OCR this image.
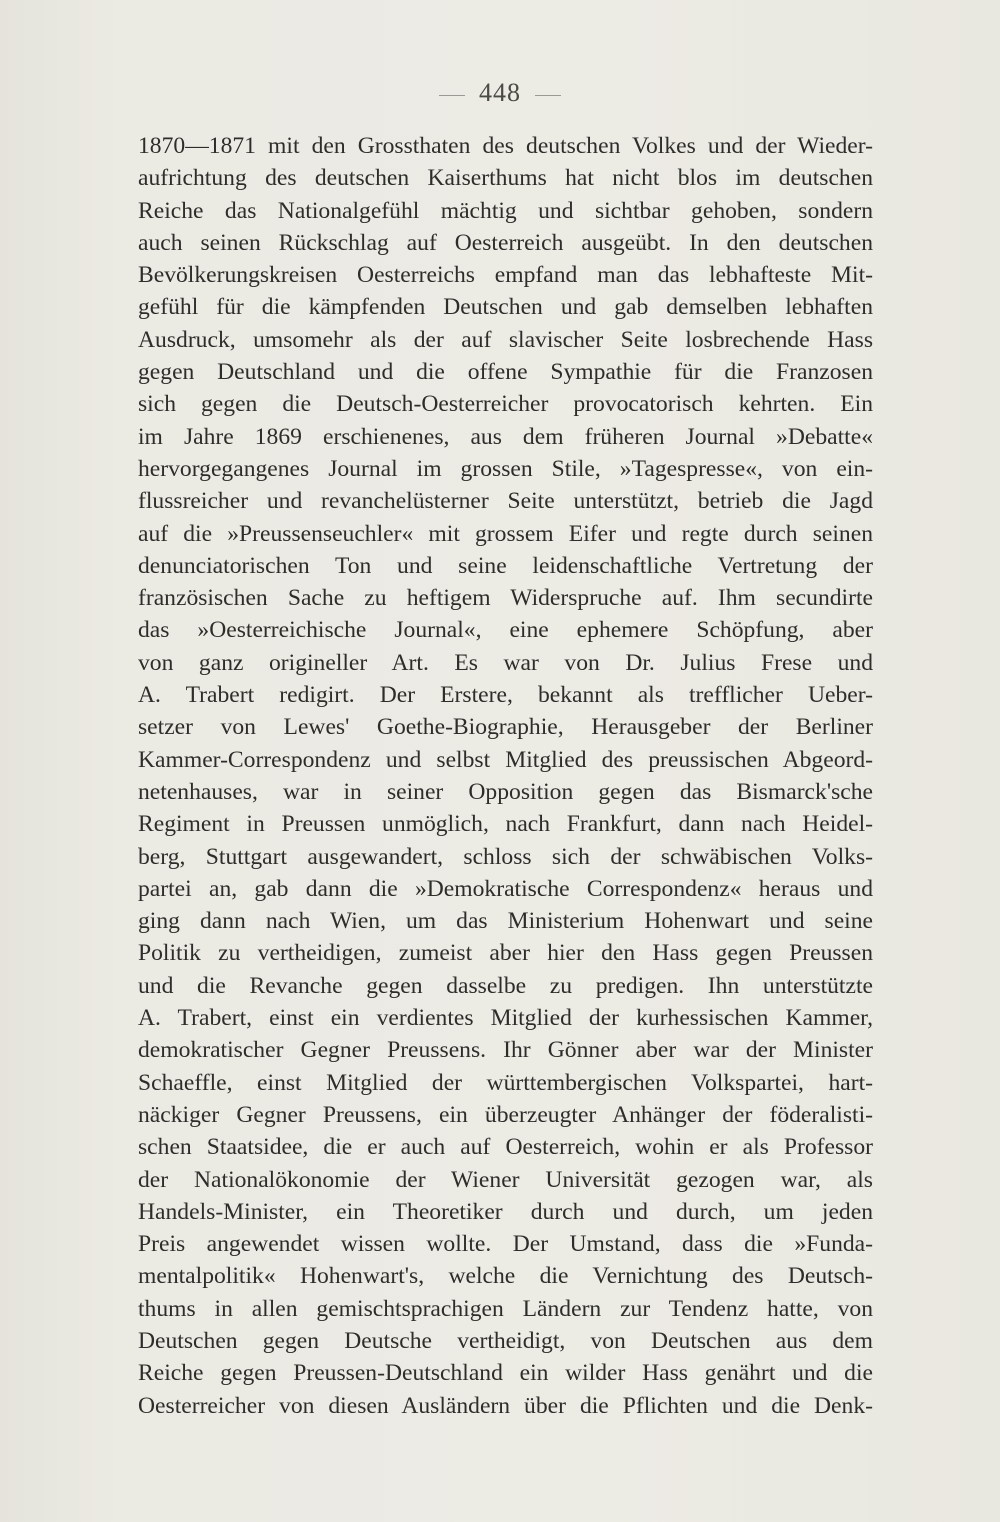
448
1870—1871 mit den Grossthaten des deutschen Volkes und der Wieder-
aufrichtung des deutschen Kaiserthums hat nicht blos im deutschen
Reiche das Nationalgefühl mächtig und sichtbar gehoben, sondern
auch seinen Rückschlag auf Oesterreich ausgeübt. In den deutschen
Bevölkerungskreisen Oesterreichs empfand man das lebhafteste Mit-
gefühl für die kämpfenden Deutschen und gab demselben lebhaften
Ausdruck, umsomehr als der auf slavischer Seite losbrechende Hass
gegen Deutschland und die offene Sympathie für die Franzosen
sich gegen die Deutsch-Oesterreicher provocatorisch kehrten. Ein
im Jahre 1869 erschienenes, aus dem früheren Journal »Debatte«
hervorgegangenes Journal im grossen Stile, »Tagespresse«, von ein-
flussreicher und revanchelüsterner Seite unterstützt, betrieb die Jagd
auf die »Preussenseuchler« mit grossem Eifer und regte durch seinen
denunciatorischen Ton und seine leidenschaftliche Vertretung der
französischen Sache zu heftigem Widerspruche auf. Ihm secundirte
das »Oesterreichische Journal«, eine ephemere Schöpfung, aber
von ganz origineller Art. Es war von Dr. Julius Frese und
A. Trabert redigirt. Der Erstere, bekannt als trefflicher Ueber-
setzer von Lewes' Goethe-Biographie, Herausgeber der Berliner
Kammer-Correspondenz und selbst Mitglied des preussischen Abgeord-
netenhauses, war in seiner Opposition gegen das Bismarck'sche
Regiment in Preussen unmöglich, nach Frankfurt, dann nach Heidel-
berg, Stuttgart ausgewandert, schloss sich der schwäbischen Volks-
partei an, gab dann die »Demokratische Correspondenz« heraus und
ging dann nach Wien, um das Ministerium Hohenwart und seine
Politik zu vertheidigen, zumeist aber hier den Hass gegen Preussen
und die Revanche gegen dasselbe zu predigen. Ihn unterstützte
A. Trabert, einst ein verdientes Mitglied der kurhessischen Kammer,
demokratischer Gegner Preussens. Ihr Gönner aber war der Minister
Schaeffle, einst Mitglied der württembergischen Volkspartei, hart-
näckiger Gegner Preussens, ein überzeugter Anhänger der föderalisti-
schen Staatsidee, die er auch auf Oesterreich, wohin er als Professor
der Nationalökonomie der Wiener Universität gezogen war, als
Handels-Minister, ein Theoretiker durch und durch, um jeden
Preis angewendet wissen wollte. Der Umstand, dass die »Funda-
mentalpolitik« Hohenwart's, welche die Vernichtung des Deutsch-
thums in allen gemischtsprachigen Ländern zur Tendenz hatte, von
Deutschen gegen Deutsche vertheidigt, von Deutschen aus dem
Reiche gegen Preussen-Deutschland ein wilder Hass genährt und die
Oesterreicher von diesen Ausländern über die Pflichten und die Denk-
